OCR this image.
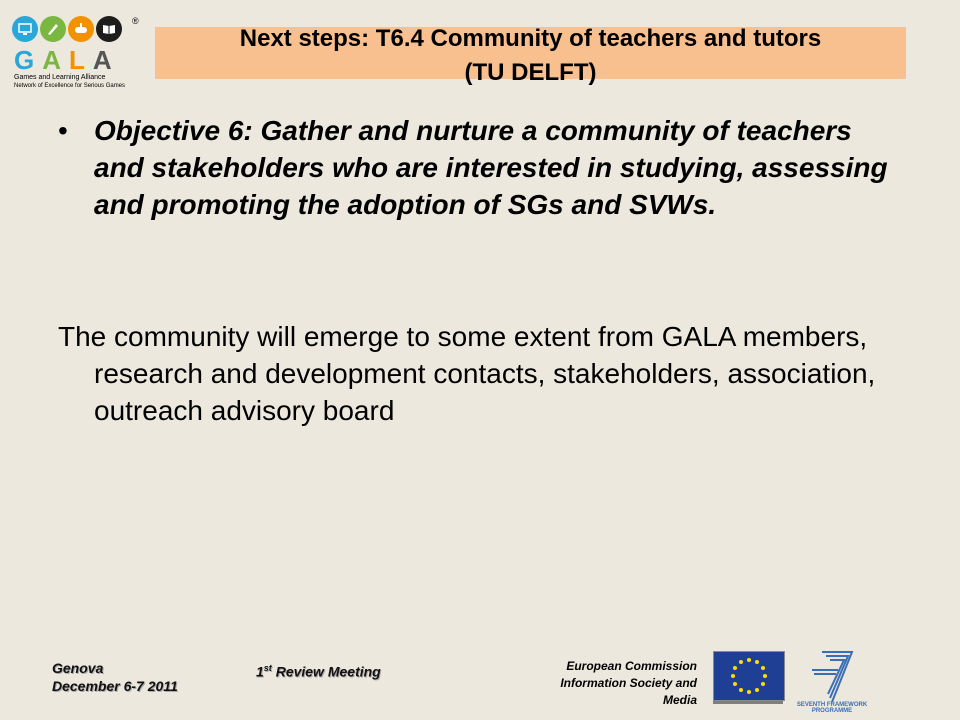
®
G A L A
Games and Learning Alliance
Network of Excellence for Serious Games
Next steps: T6.4 Community of teachers and tutors
(TU DELFT)
• Objective 6: Gather and nurture a community of teachers and stakeholders who are interested in studying, assessing and promoting the adoption of SGs and SVWs.
The community will emerge to some extent from GALA members, research and development contacts, stakeholders, association, outreach advisory board
Genova
December 6-7 2011
1st Review Meeting	European Commission
Information Society and
Media	SEVENTH FRAMEWORK PROGRAMME
